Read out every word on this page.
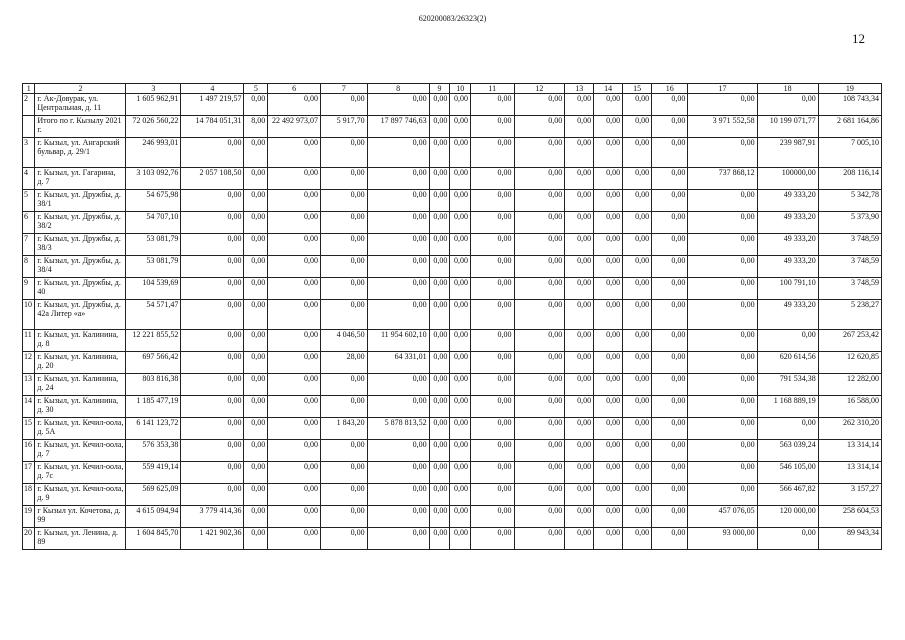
620200083/26323(2)
12
1	2	3	4	5	6	7	8	9	10	11	12	13	14	15	16	17	18	19
2	г. Ак-Довурак, ул. Центральная, д. 11	1 605 962,91	1 497 219,57	0,00	0,00	0,00	0,00	0,00	0,00	0,00	0,00	0,00	0,00	0,00	0,00	0,00	0,00	108 743,34
	Итого по г. Кызылу 2021 г.	72 026 560,22	14 784 051,31	8,00	22 492 973,07	5 917,70	17 897 746,63	0,00	0,00	0,00	0,00	0,00	0,00	0,00	0,00	3 971 552,58	10 199 071,77	2 681 164,86
3	г. Кызыл, ул. Ангарский бульвар, д. 29/1	246 993,01	0,00	0,00	0,00	0,00	0,00	0,00	0,00	0,00	0,00	0,00	0,00	0,00	0,00	0,00	239 987,91	7 005,10
4	г. Кызыл, ул. Гагарина, д. 7	3 103 092,76	2 057 108,50	0,00	0,00	0,00	0,00	0,00	0,00	0,00	0,00	0,00	0,00	0,00	0,00	737 868,12	100000,00	208 116,14
5	г. Кызыл, ул. Дружбы, д. 38/1	54 675,98	0,00	0,00	0,00	0,00	0,00	0,00	0,00	0,00	0,00	0,00	0,00	0,00	0,00	0,00	49 333,20	5 342,78
6	г. Кызыл, ул. Дружбы, д. 38/2	54 707,10	0,00	0,00	0,00	0,00	0,00	0,00	0,00	0,00	0,00	0,00	0,00	0,00	0,00	0,00	49 333,20	5 373,90
7	г. Кызыл, ул. Дружбы, д. 38/3	53 081,79	0,00	0,00	0,00	0,00	0,00	0,00	0,00	0,00	0,00	0,00	0,00	0,00	0,00	0,00	49 333,20	3 748,59
8	г. Кызыл, ул. Дружбы, д. 38/4	53 081,79	0,00	0,00	0,00	0,00	0,00	0,00	0,00	0,00	0,00	0,00	0,00	0,00	0,00	0,00	49 333,20	3 748,59
9	г. Кызыл, ул. Дружбы, д. 40	104 539,69	0,00	0,00	0,00	0,00	0,00	0,00	0,00	0,00	0,00	0,00	0,00	0,00	0,00	0,00	100 791,10	3 748,59
10	г. Кызыл, ул. Дружбы, д. 42а Литер «а»	54 571,47	0,00	0,00	0,00	0,00	0,00	0,00	0,00	0,00	0,00	0,00	0,00	0,00	0,00	0,00	49 333,20	5 238,27
11	г. Кызыл, ул. Калинина, д. 8	12 221 855,52	0,00	0,00	0,00	4 046,50	11 954 602,10	0,00	0,00	0,00	0,00	0,00	0,00	0,00	0,00	0,00	0,00	267 253,42
12	г. Кызыл, ул. Калинина, д. 20	697 566,42	0,00	0,00	0,00	28,00	64 331,01	0,00	0,00	0,00	0,00	0,00	0,00	0,00	0,00	0,00	620 614,56	12 620,85
13	г. Кызыл, ул. Калинина, д. 24	803 816,38	0,00	0,00	0,00	0,00	0,00	0,00	0,00	0,00	0,00	0,00	0,00	0,00	0,00	0,00	791 534,38	12 282,00
14	г. Кызыл, ул. Калинина, д. 30	1 185 477,19	0,00	0,00	0,00	0,00	0,00	0,00	0,00	0,00	0,00	0,00	0,00	0,00	0,00	0,00	1 168 889,19	16 588,00
15	г. Кызыл, ул. Кечил-оола, д. 5А	6 141 123,72	0,00	0,00	0,00	1 843,20	5 878 813,52	0,00	0,00	0,00	0,00	0,00	0,00	0,00	0,00	0,00	0,00	262 310,20
16	г. Кызыл, ул. Кечил-оола, д. 7	576 353,38	0,00	0,00	0,00	0,00	0,00	0,00	0,00	0,00	0,00	0,00	0,00	0,00	0,00	0,00	563 039,24	13 314,14
17	г. Кызыл, ул. Кечил-оола, д. 7с	559 419,14	0,00	0,00	0,00	0,00	0,00	0,00	0,00	0,00	0,00	0,00	0,00	0,00	0,00	0,00	546 105,00	13 314,14
18	г. Кызыл, ул. Кечил-оола, д. 9	569 625,09	0,00	0,00	0,00	0,00	0,00	0,00	0,00	0,00	0,00	0,00	0,00	0,00	0,00	0,00	566 467,82	3 157,27
19	г Кызыл ул. Кочетова, д. 99	4 615 094,94	3 779 414,36	0,00	0,00	0,00	0,00	0,00	0,00	0,00	0,00	0,00	0,00	0,00	0,00	457 076,05	120 000,00	258 604,53
20	г. Кызыл, ул. Ленина, д. 89	1 604 845,70	1 421 902,36	0,00	0,00	0,00	0,00	0,00	0,00	0,00	0,00	0,00	0,00	0,00	0,00	93 000,00	0,00	89 943,34
